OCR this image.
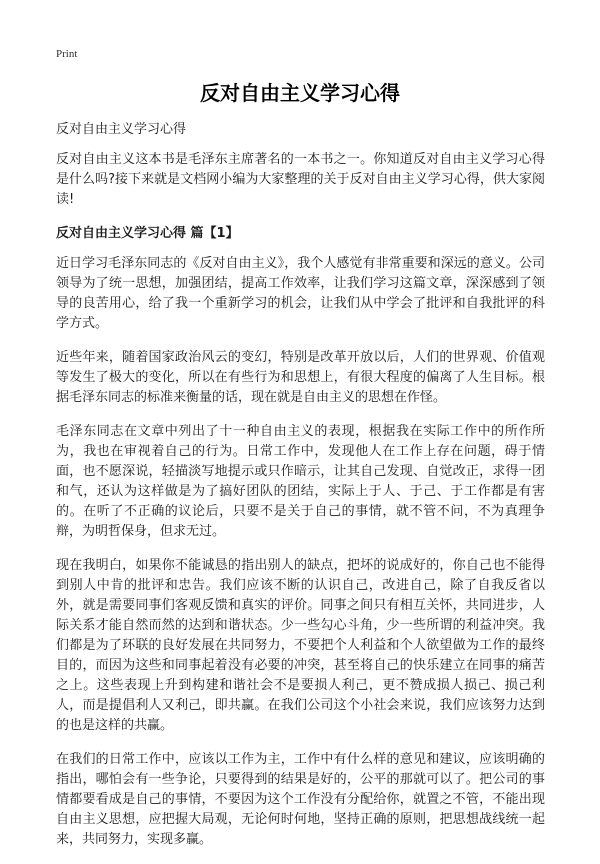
Print
反对自由主义学习心得

反对自由主义学习心得

反对自由主义这本书是毛泽东主席著名的一本书之一。你知道反对自由主义学习心得是什么吗?接下来就是文档网小编为大家整理的关于反对自由主义学习心得，供大家阅读!

反对自由主义学习心得 篇【1】

近日学习毛泽东同志的《反对自由主义》，我个人感觉有非常重要和深远的意义。公司领导为了统一思想，加强团结，提高工作效率，让我们学习这篇文章，深深感到了领导的良苦用心，给了我一个重新学习的机会，让我们从中学会了批评和自我批评的科学方式。

近些年来，随着国家政治风云的变幻，特别是改革开放以后，人们的世界观、价值观等发生了极大的变化，所以在有些行为和思想上，有很大程度的偏离了人生目标。根据毛泽东同志的标准来衡量的话，现在就是自由主义的思想在作怪。

毛泽东同志在文章中列出了十一种自由主义的表现，根据我在实际工作中的所作所为，我也在审视着自己的行为。日常工作中，发现他人在工作上存在问题，碍于情面，也不愿深说，轻描淡写地提示或只作暗示，让其自己发现、自觉改正，求得一团和气，还认为这样做是为了搞好团队的团结，实际上于人、于己、于工作都是有害的。在听了不正确的议论后，只要不是关于自己的事情，就不管不问，不为真理争辩，为明哲保身，但求无过。

现在我明白，如果你不能诚恳的指出别人的缺点，把坏的说成好的，你自己也不能得到别人中肯的批评和忠告。我们应该不断的认识自己，改进自己，除了自我反省以外，就是需要同事们客观反馈和真实的评价。同事之间只有相互关怀，共同进步，人际关系才能自然而然的达到和谐状态。少一些勾心斗角，少一些所谓的利益冲突。我们都是为了环联的良好发展在共同努力，不要把个人利益和个人欲望做为工作的最终目的，而因为这些和同事起着没有必要的冲突，甚至将自己的快乐建立在同事的痛苦之上。这些表现上升到构建和谐社会不是要损人利己，更不赞成损人损己、损己利人，而是提倡利人又利己，即共赢。在我们公司这个小社会来说，我们应该努力达到的也是这样的共赢。

在我们的日常工作中，应该以工作为主，工作中有什么样的意见和建议，应该明确的指出，哪怕会有一些争论，只要得到的结果是好的，公平的那就可以了。把公司的事情都要看成是自己的事情，不要因为这个工作没有分配给你，就置之不管，不能出现自由主义思想，应把握大局观，无论何时何地，坚持正确的原则，把思想战线统一起来，共同努力，实现多赢。
